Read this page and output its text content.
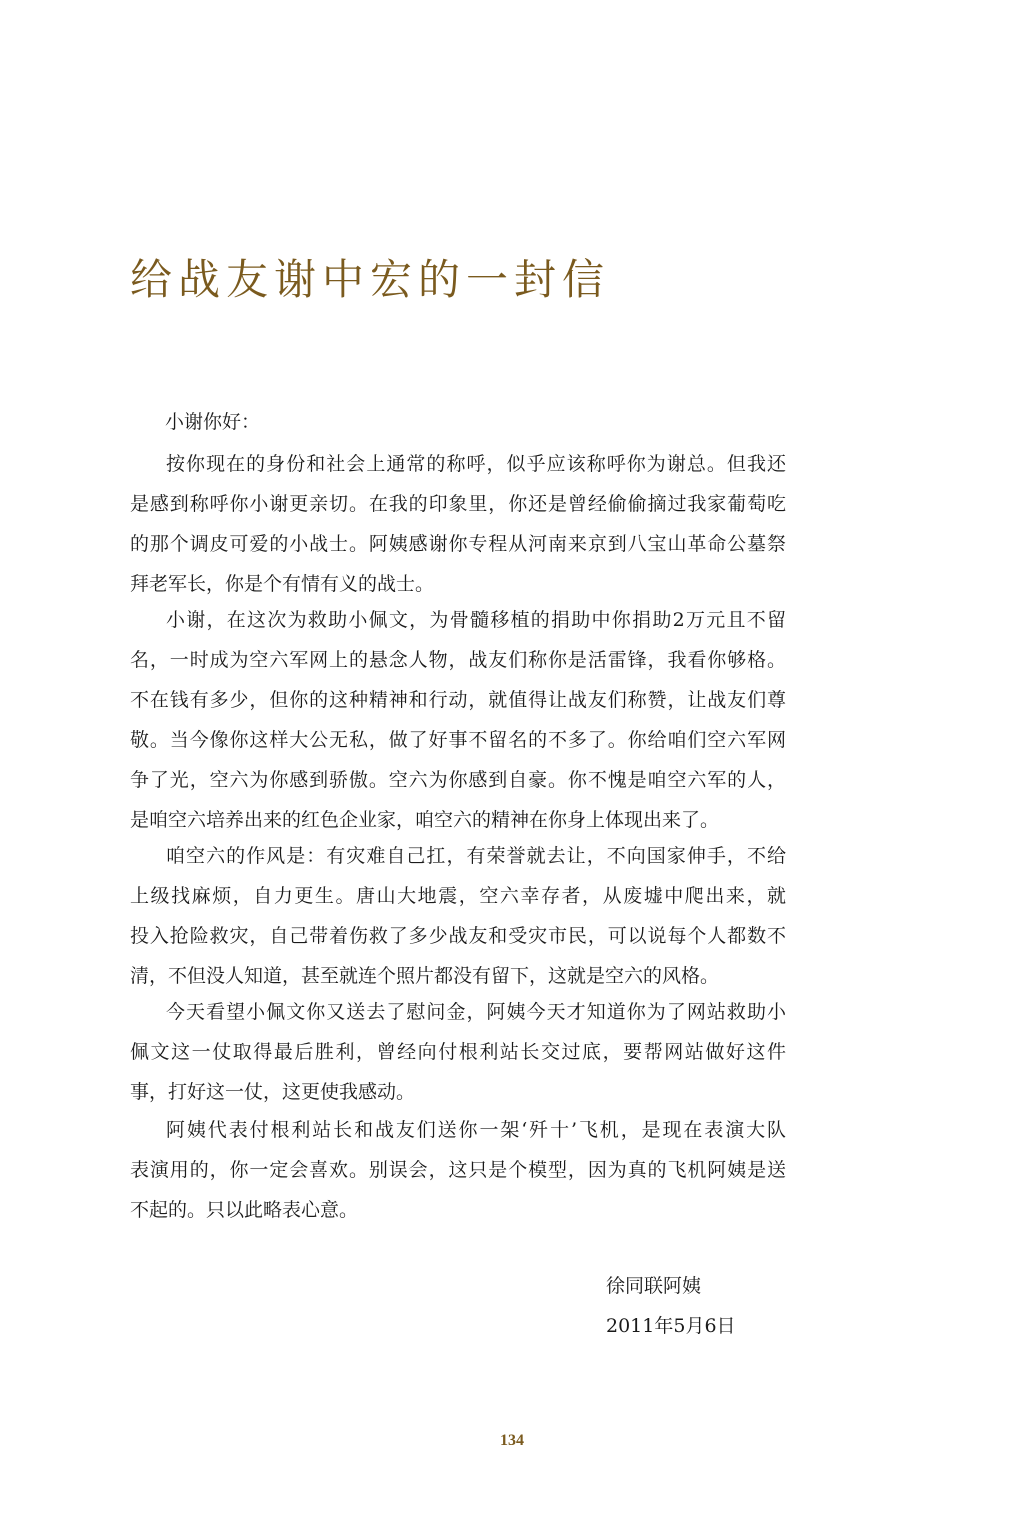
给战友谢中宏的一封信
小谢你好：
按你现在的身份和社会上通常的称呼，似乎应该称呼你为谢总。但我还
是感到称呼你小谢更亲切。在我的印象里，你还是曾经偷偷摘过我家葡萄吃
的那个调皮可爱的小战士。阿姨感谢你专程从河南来京到八宝山革命公墓祭
拜老军长，你是个有情有义的战士。
小谢，在这次为救助小佩文，为骨髓移植的捐助中你捐助2万元且不留
名，一时成为空六军网上的悬念人物，战友们称你是活雷锋，我看你够格。
不在钱有多少，但你的这种精神和行动，就值得让战友们称赞，让战友们尊
敬。当今像你这样大公无私，做了好事不留名的不多了。你给咱们空六军网
争了光，空六为你感到骄傲。空六为你感到自豪。你不愧是咱空六军的人，
是咱空六培养出来的红色企业家，咱空六的精神在你身上体现出来了。
咱空六的作风是：有灾难自己扛，有荣誉就去让，不向国家伸手，不给
上级找麻烦，自力更生。唐山大地震，空六幸存者，从废墟中爬出来，就
投入抢险救灾，自己带着伤救了多少战友和受灾市民，可以说每个人都数不
清，不但没人知道，甚至就连个照片都没有留下，这就是空六的风格。
今天看望小佩文你又送去了慰问金，阿姨今天才知道你为了网站救助小
佩文这一仗取得最后胜利，曾经向付根利站长交过底，要帮网站做好这件
事，打好这一仗，这更使我感动。
阿姨代表付根利站长和战友们送你一架‘歼十’飞机，是现在表演大队
表演用的，你一定会喜欢。别误会，这只是个模型，因为真的飞机阿姨是送
不起的。只以此略表心意。
徐同联阿姨
2011年5月6日
134
